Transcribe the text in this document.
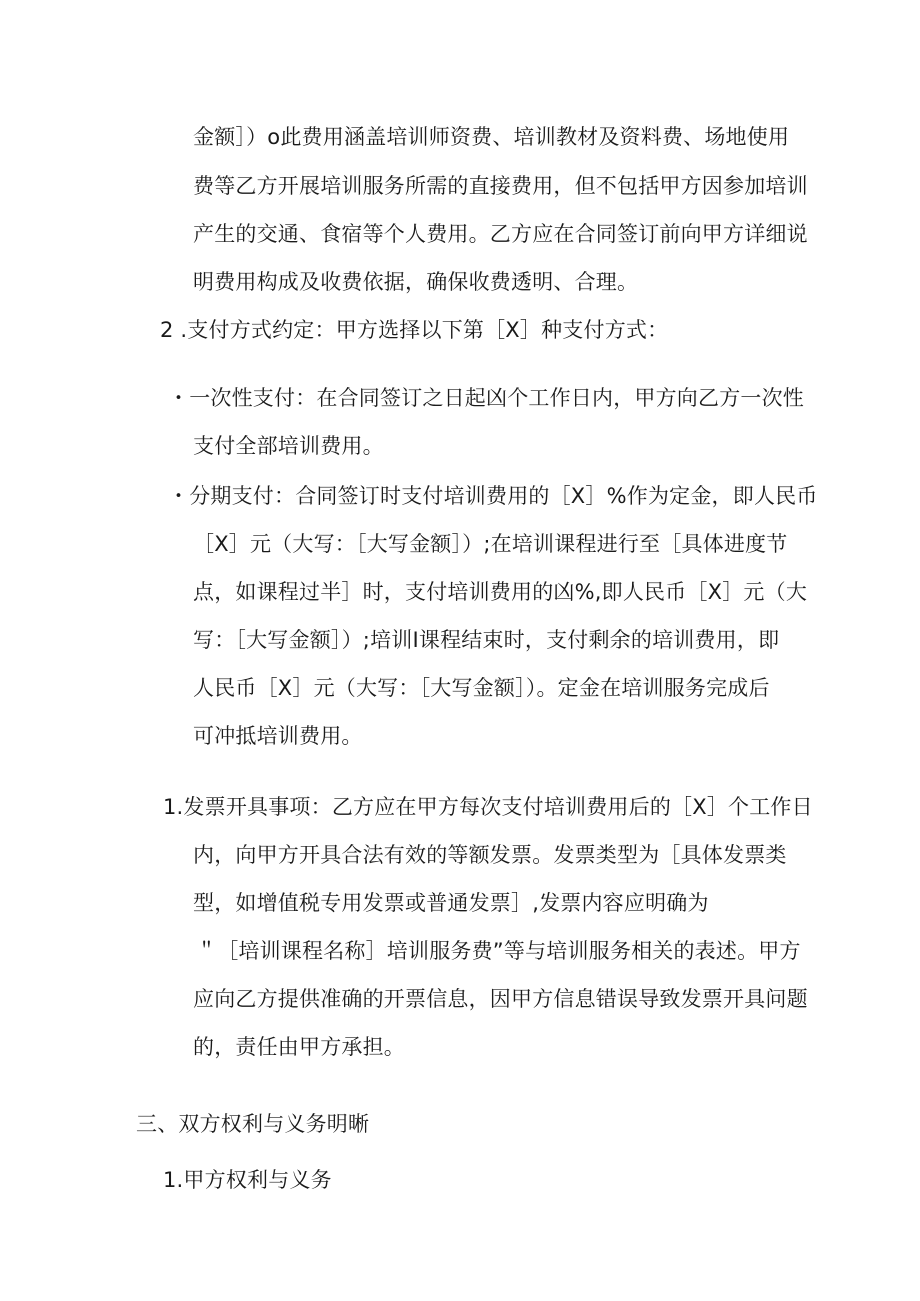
金额］）o此费用涵盖培训师资费、培训教材及资料费、场地使用
费等乙方开展培训服务所需的直接费用，但不包括甲方因参加培训
产生的交通、食宿等个人费用。乙方应在合同签订前向甲方详细说
明费用构成及收费依据，确保收费透明、合理。
2 .支付方式约定：甲方选择以下第［X］种支付方式：
・一次性支付：在合同签订之日起凶个工作日内，甲方向乙方一次性
支付全部培训费用。
・分期支付：合同签订时支付培训费用的［X］%作为定金，即人民币
［X］元（大写：［大写金额］）;在培训课程进行至［具体进度节
点，如课程过半］时，支付培训费用的凶%,即人民币［X］元（大
写：［大写金额］）;培训I课程结束时，支付剩余的培训费用，即
人民币［X］元（大写：［大写金额］）。定金在培训服务完成后
可冲抵培训费用。
1.发票开具事项：乙方应在甲方每次支付培训费用后的［X］个工作日
内，向甲方开具合法有效的等额发票。发票类型为［具体发票类
型，如增值税专用发票或普通发票］,发票内容应明确为
＂［培训课程名称］培训服务费”等与培训服务相关的表述。甲方
应向乙方提供准确的开票信息，因甲方信息错误导致发票开具问题
的，责任由甲方承担。
三、双方权利与义务明晰
1.甲方权利与义务
